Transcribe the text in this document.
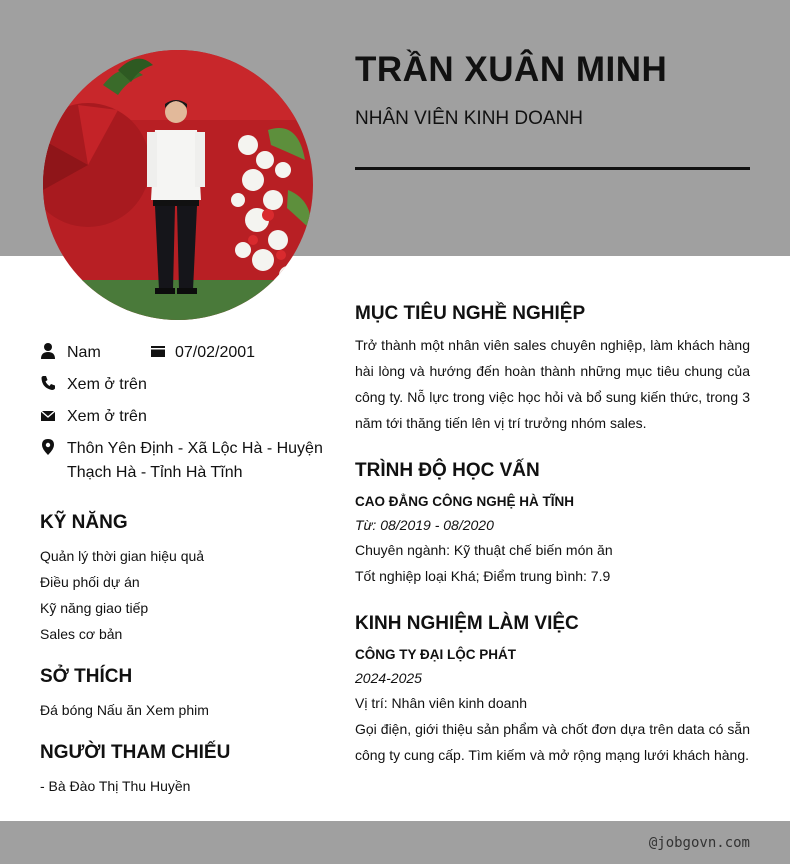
TRẦN XUÂN MINH
NHÂN VIÊN KINH DOANH
Nam	07/02/2001
Xem ở trên
Xem ở trên
Thôn Yên Định - Xã Lộc Hà - Huyện
Thạch Hà - Tỉnh Hà Tĩnh
KỸ NĂNG
Quản lý thời gian hiệu quả
Điều phối dự án
Kỹ năng giao tiếp
Sales cơ bản
SỞ THÍCH
Đá bóng Nấu ăn Xem phim
NGƯỜI THAM CHIẾU
- Bà Đào Thị Thu Huyền
MỤC TIÊU NGHỀ NGHIỆP
Trở thành một nhân viên sales chuyên nghiệp, làm khách hàng hài lòng và hướng đến hoàn thành những mục tiêu chung của công ty. Nỗ lực trong việc học hỏi và bổ sung kiến thức, trong 3 năm tới thăng tiến lên vị trí trưởng nhóm sales.
TRÌNH ĐỘ HỌC VẤN
CAO ĐẲNG CÔNG NGHỆ HÀ TĨNH
Từ: 08/2019 - 08/2020
Chuyên ngành: Kỹ thuật chế biến món ăn
Tốt nghiệp loại Khá; Điểm trung bình: 7.9
KINH NGHIỆM LÀM VIỆC
CÔNG TY ĐẠI LỘC PHÁT
2024-2025
Vị trí: Nhân viên kinh doanh
Gọi điện, giới thiệu sản phẩm và chốt đơn dựa trên data có sẵn công ty cung cấp. Tìm kiếm và mở rộng mạng lưới khách hàng.
@jobgovn.com
